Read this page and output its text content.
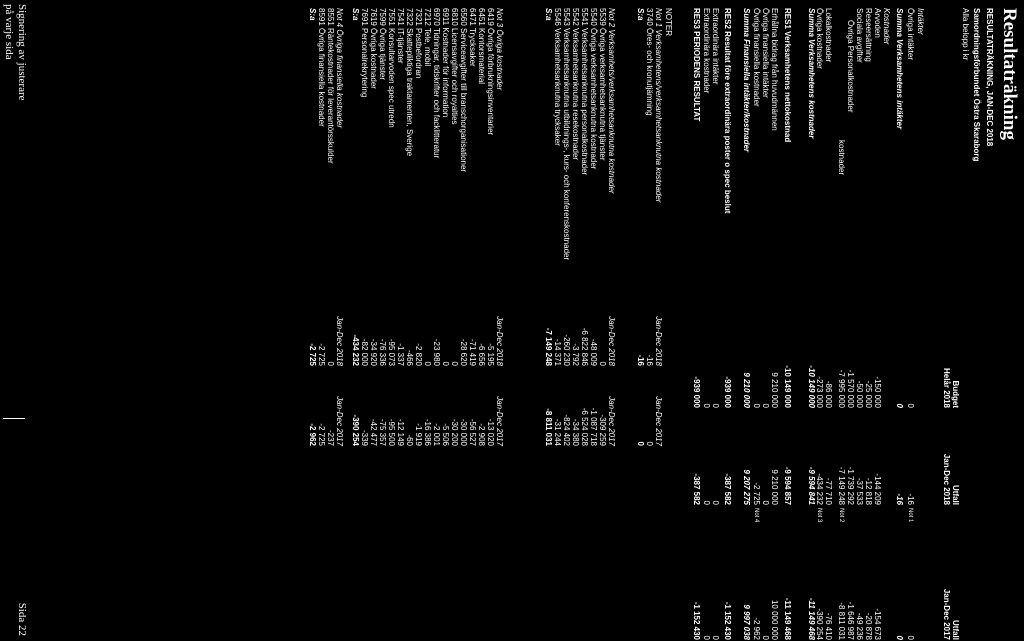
Resultaträkning
RESULTATRÄKNING, JAN-DEC 2018
Samordningsförbundet Östra Skaraborg
Alla belopp i kr
Budget
Helår 2018
Utfall
Jan-Dec 2018
Utfall
Jan-Dec 2017
Intäkter
Övriga intäkter
0
-16
0
Not 1
Summa Verksamhetens intäkter
0
-16
0
Kostnader
Arvoden
-150 000
-144 209
-154 673
Reseersättning
-25 000
-12 818
-20 878
Sociala avgifter
-50 000
-37 533
-49 236
Övriga Personalkostnader
-1 570 000
-1 739 292
-1 646 987
kostnader
-7 995 000
-7 149 248
-8 811 031
Not 2
Lokalkostnader
-86 000
-77 710
-76 410
Övriga kostnader
-273 000
-434 232
-390 254
Not 3
Summa Verksamhetens kostnader
-10 149 000
-9 594 841
-11 149 468
RES1 Verksamhetens nettokostnad
-10 149 000
-9 594 857
-11 149 468
Erhållna bidrag från huvudmännen
9 210 000
9 210 000
10 000 000
Övriga finansiella intäkter
0
0
0
Övriga finansiella kostnader
0
-2 725
-2 962
Not 4
Summa Finansiella intäkter/kostnader
9 210 000
9 207 275
9 997 038
RES2 Resultat före extraordinära poster o spec beslut
-939 000
-387 582
-1 152 430
Extraordinära intäkter
0
0
0
Extraordinära kostnader
0
0
0
RES3 PERIODENS RESULTAT
-939 000
-387 582
-1 152 430
NOTER
Not 1 Verksamhetens/verksamhetsanknutna kostnader
Jan-Dec 2018
Jan-Dec 2017
3740 Öres- och kronutjämning
-16
0
S:a
-16
0
Not 2 Verksamhets/verksamhetsanknutna kostnader
Jan-Dec 2018
Jan-Dec 2017
5539 Övriga verksamhetsanknutna tjänster
0
-309 259
5540 Övriga verksamhetsanknutna kostnader
-48 009
-1 087 718
5541 Verksamhetsanknutna personalkostnader
-6 822 846
-6 524 028
5542 Verksamhetsanknutna resekostnader
-3 792
-34 380
5543 Verksamhetsanknutna utbildnings-, kurs- och konferenskostnader
-260 230
-824 402
5546 Verksamhetsanknutna trycksaker
-14 371
-31 244
S:a
-7 149 248
-8 811 031
Not 3 Övriga kostnader
Jan-Dec 2018
Jan-Dec 2017
6419 Övriga förbrukningsinventarier
-5 195
-13 020
6451 Kontorsmaterial
-6 656
-2 908
6471 Trycksaker
-71 419
-56 527
6560 Serviceavgifter till branschorganisationer
-28 620
-30 000
6810 Licensavgifter och royalties
0
-30 200
6911 Kostnader för information
0
-5 506
6970 Tidningar, tidskrifter och facklitteratur
-23 980
-2 001
7212 Tele, mobil
0
-16 386
7321 Postbefordran
-2 820
-1 919
7322 Skattepliktiga traktamenten, Sverige
-466
-60
7541 IT-tjänster
-1 337
-12 149
7551 Konsultarvoden spec utredn
-95 073
-95 500
7599 Övriga tjänster
-76 336
-75 357
7619 Övriga kostnader
-34 920
-42 477
7691 Personalrekrytering
-82 000
-339
S:a
-434 232
-390 254
Not 4 Övriga finansiella kostnader
Jan-Dec 2018
Jan-Dec 2017
8551 Räntekostnader för leverantörsskulder
0
-237
8591 Övriga finansiella kostnader
-2 725
-2 725
S:a
-2 725
-2 962
Signering av justerare
på varje sida
Sida 22
